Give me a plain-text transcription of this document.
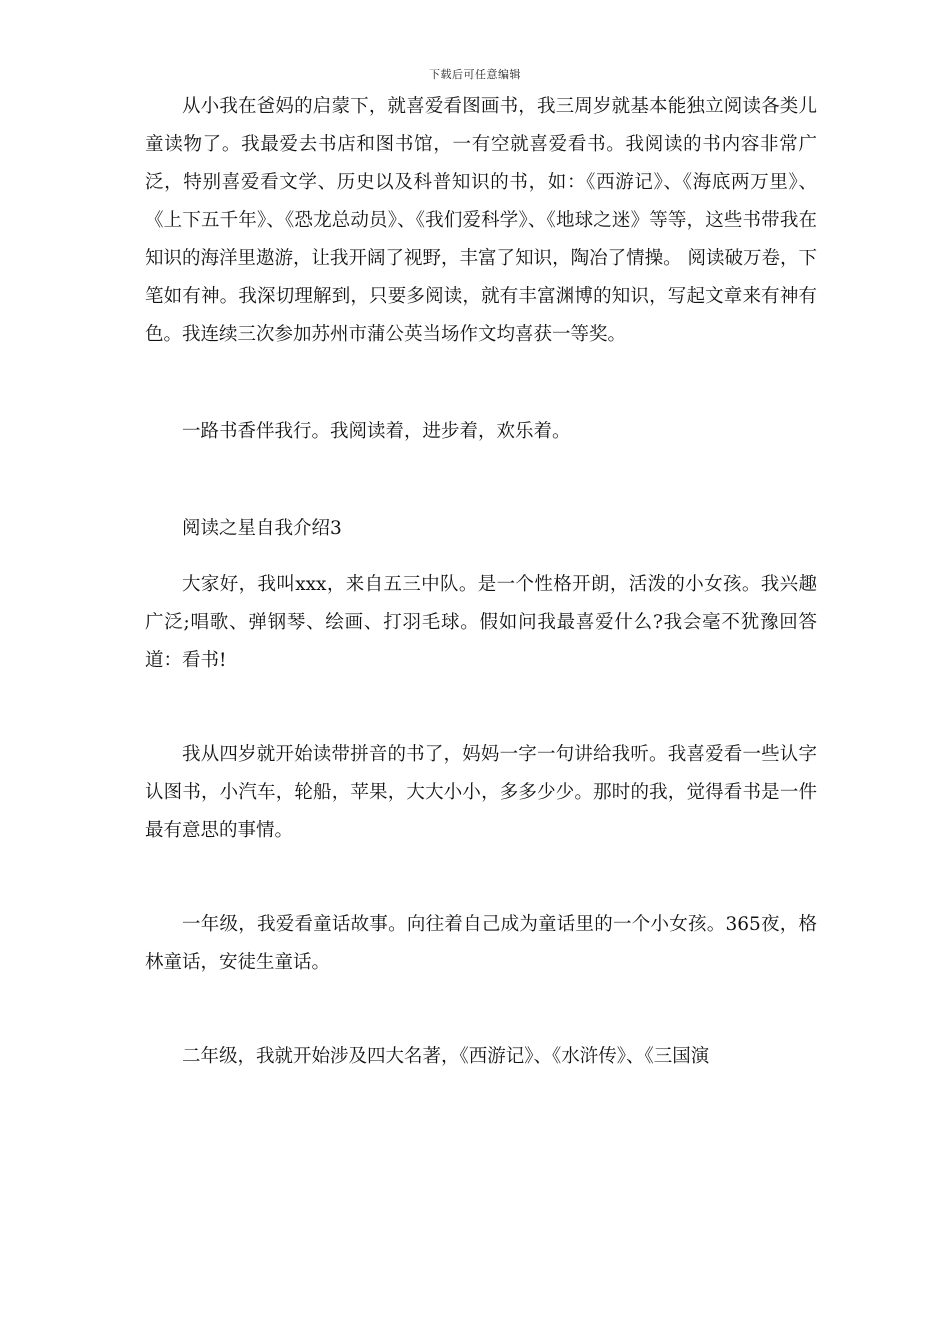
下载后可任意编辑

从小我在爸妈的启蒙下，就喜爱看图画书，我三周岁就基本能独立阅读各类儿童读物了。我最爱去书店和图书馆，一有空就喜爱看书。我阅读的书内容非常广泛，特别喜爱看文学、历史以及科普知识的书，如：《西游记》、《海底两万里》、《上下五千年》、《恐龙总动员》、《我们爱科学》、《地球之迷》等等，这些书带我在知识的海洋里遨游，让我开阔了视野，丰富了知识，陶冶了情操。 阅读破万卷，下笔如有神。我深切理解到，只要多阅读，就有丰富渊博的知识，写起文章来有神有色。我连续三次参加苏州市蒲公英当场作文均喜获一等奖。

一路书香伴我行。我阅读着，进步着，欢乐着。

阅读之星自我介绍3

大家好，我叫xxx，来自五三中队。是一个性格开朗，活泼的小女孩。我兴趣广泛;唱歌、弹钢琴、绘画、打羽毛球。假如问我最喜爱什么?我会毫不犹豫回答道：看书!

我从四岁就开始读带拼音的书了，妈妈一字一句讲给我听。我喜爱看一些认字认图书，小汽车，轮船，苹果，大大小小，多多少少。那时的我，觉得看书是一件最有意思的事情。

一年级，我爱看童话故事。向往着自己成为童话里的一个小女孩。365夜，格林童话，安徒生童话。

二年级，我就开始涉及四大名著，《西游记》、《水浒传》、《三国演
